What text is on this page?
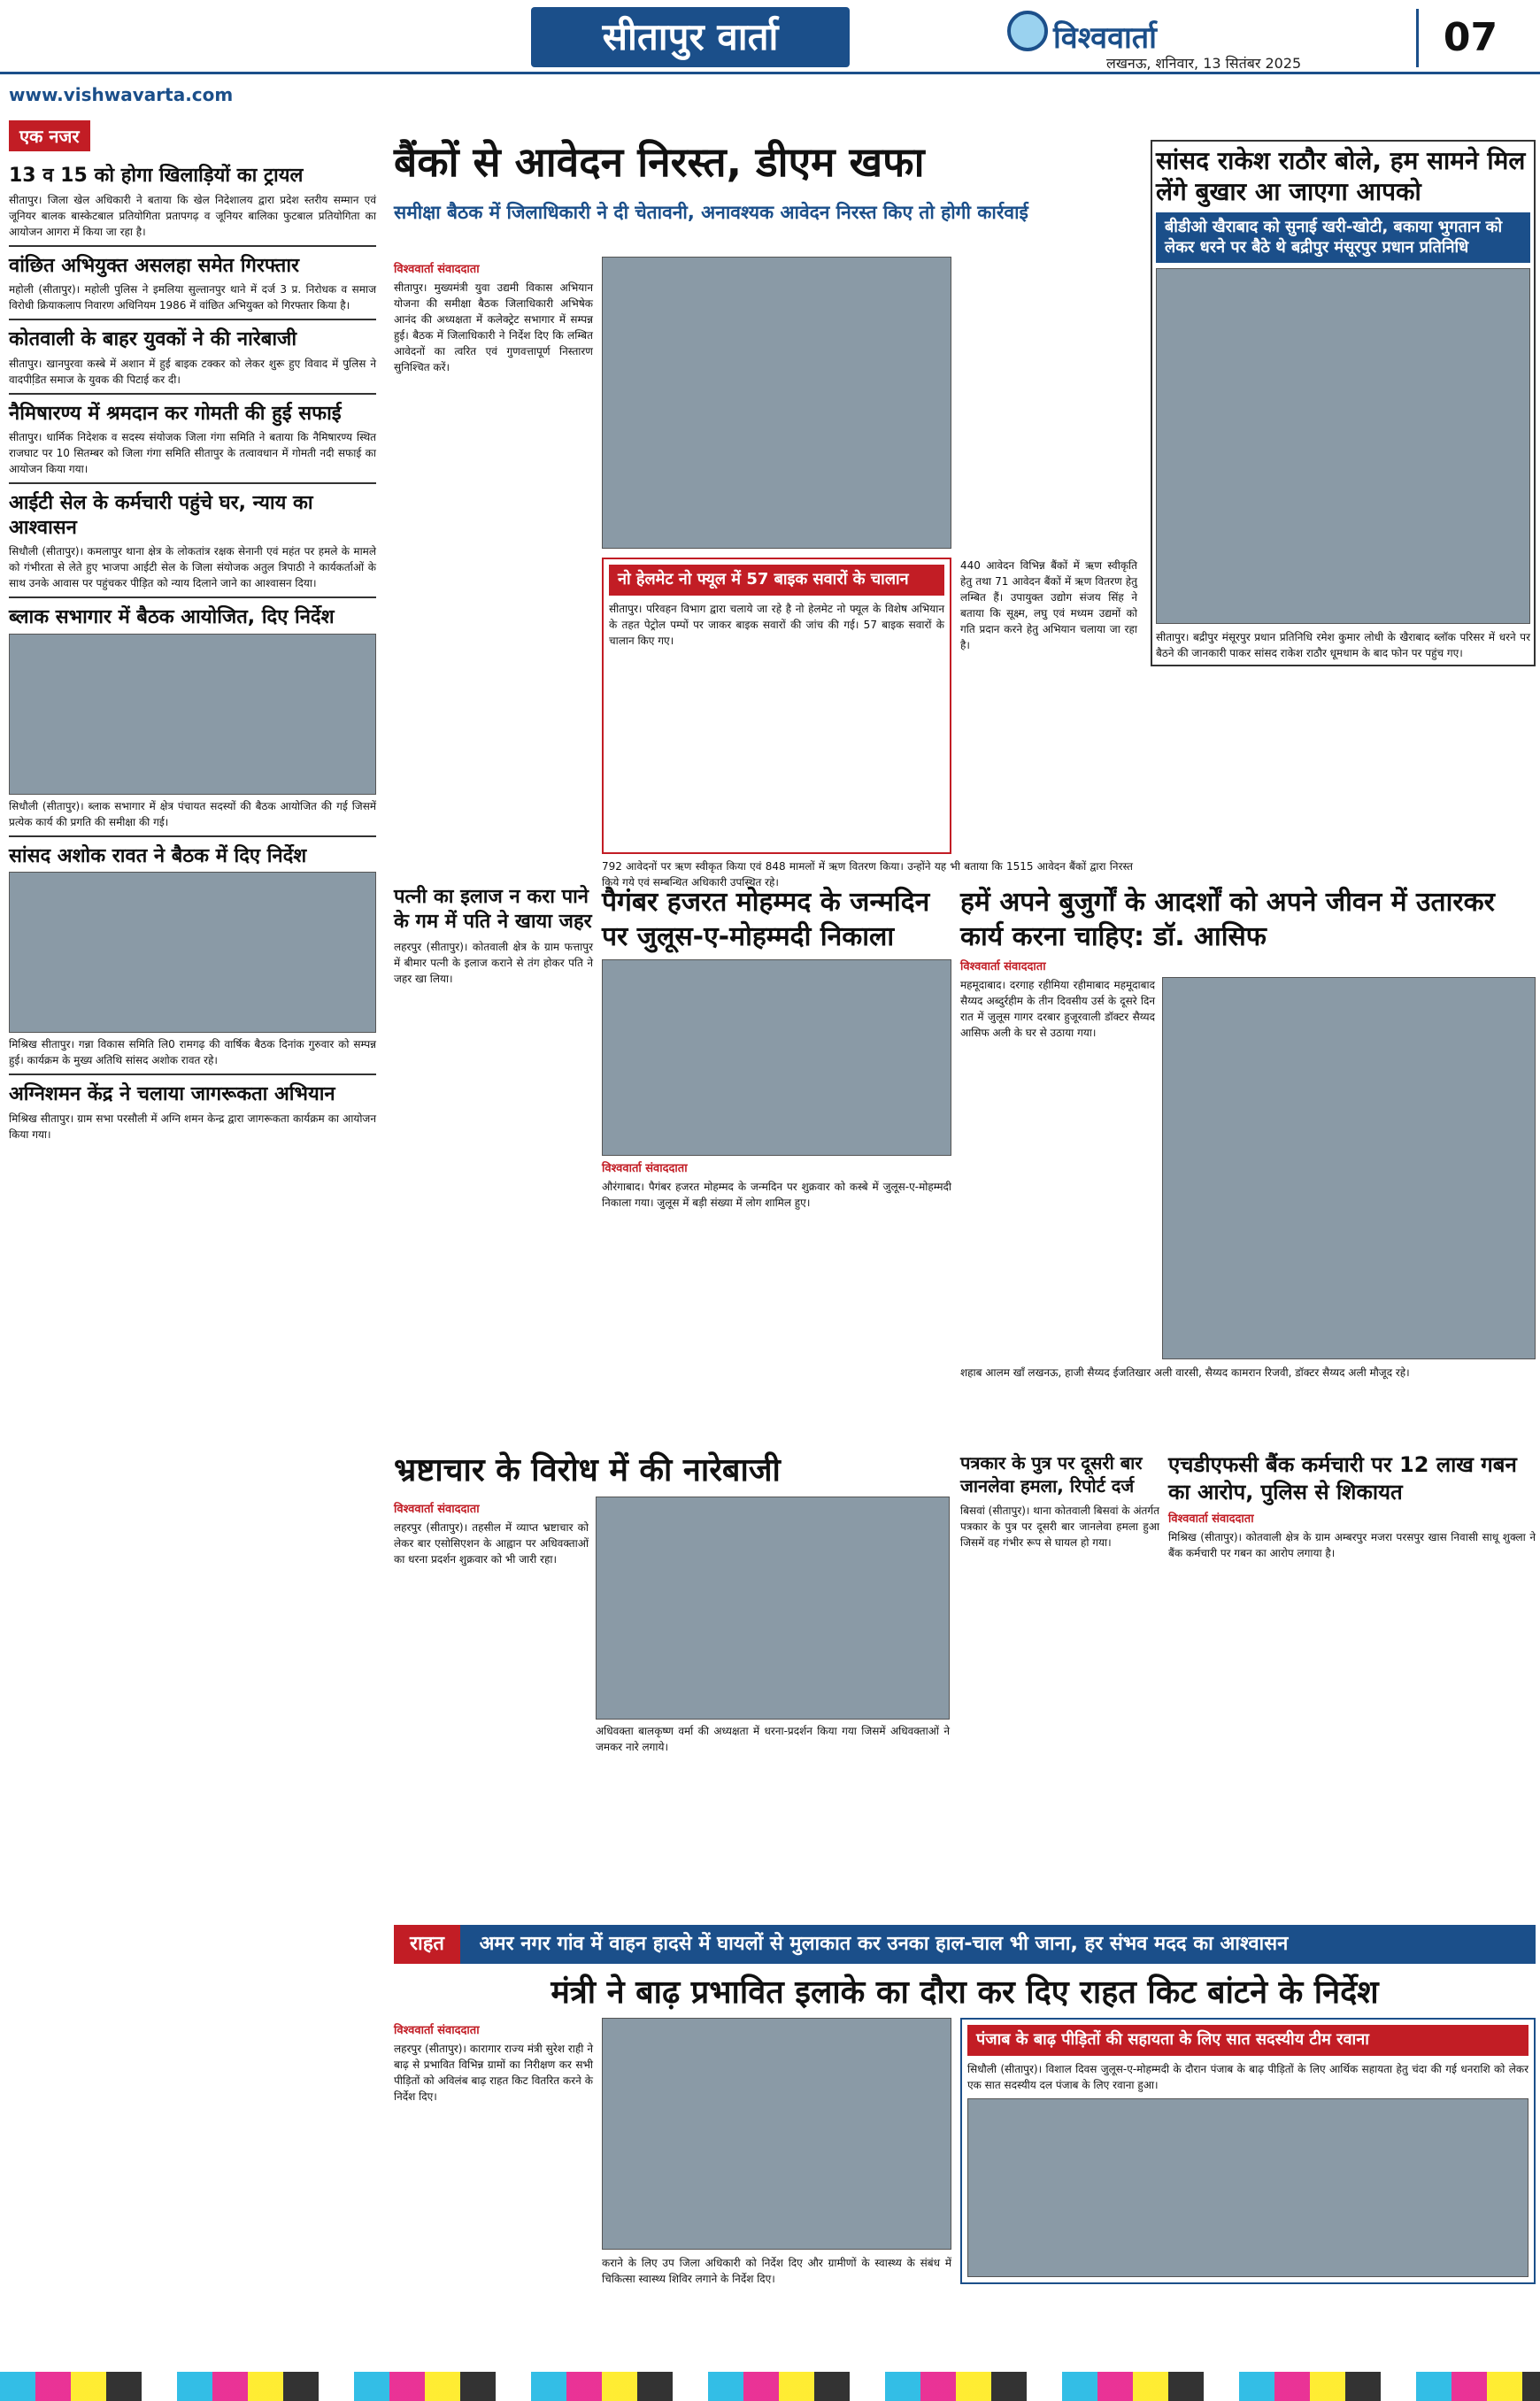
www.vishwavarta.com
सीतापुर वार्ता	विश्ववार्ता
लखनऊ, शनिवार, 13 सितंबर 2025
07
एक नजर
13 व 15 को होगा खिलाड़ियों का ट्रायल

सीतापुर। जिला खेल अधिकारी ने बताया कि खेल निदेशालय द्वारा प्रदेश स्तरीय सम्मान एवं जूनियर बालक बास्केटबाल प्रतियोगिता प्रतापगढ़ व जूनियर बालिका फुटबाल प्रतियोगिता का आयोजन आगरा में किया जा रहा है।

वांछित अभियुक्त असलहा समेत गिरफ्तार

महोली (सीतापुर)। महोली पुलिस ने इमलिया सुल्तानपुर थाने में दर्ज 3 प्र. निरोधक व समाज विरोधी क्रियाकलाप निवारण अधिनियम 1986 में वांछित अभियुक्त को गिरफ्तार किया है।

कोतवाली के बाहर युवकों ने की नारेबाजी

सीतापुर। खानपुरवा कस्बे में अशान में हुई बाइक टक्कर को लेकर शुरू हुए विवाद में पुलिस ने वादपीडि़त समाज के युवक की पिटाई कर दी।

नैमिषारण्य में श्रमदान कर गोमती की हुई सफाई

सीतापुर। धार्मिक निदेशक व सदस्य संयोजक जिला गंगा समिति ने बताया कि नैमिषारण्य स्थित राजघाट पर 10 सितम्बर को जिला गंगा समिति सीतापुर के तत्वावधान में गोमती नदी सफाई का आयोजन किया गया।

आईटी सेल के कर्मचारी पहुंचे घर, न्याय का आश्वासन

सिधौली (सीतापुर)। कमलापुर थाना क्षेत्र के लोकतांत्र रक्षक सेनानी एवं महंत पर हमले के मामले को गंभीरता से लेते हुए भाजपा आईटी सेल के जिला संयोजक अतुल त्रिपाठी ने कार्यकर्ताओं के साथ उनके आवास पर पहुंचकर पीड़ित को न्याय दिलाने जाने का आश्वासन दिया।

ब्लाक सभागार में बैठक आयोजित, दिए निर्देश

सिधौली (सीतापुर)। ब्लाक सभागार में क्षेत्र पंचायत सदस्यों की बैठक आयोजित की गई जिसमें प्रत्येक कार्य की प्रगति की समीक्षा की गई।

सांसद अशोक रावत ने बैठक में दिए निर्देश

मिश्रिख सीतापुर। गन्ना विकास समिति लि0 रामगढ़ की वार्षिक बैठक दिनांक गुरुवार को सम्पन्न हुई। कार्यक्रम के मुख्य अतिथि सांसद अशोक रावत रहे।

अग्निशमन केंद्र ने चलाया जागरूकता अभियान

मिश्रिख सीतापुर। ग्राम सभा परसौली में अग्नि शमन केन्द्र द्वारा जागरूकता कार्यक्रम का आयोजन किया गया।

बैंकों से आवेदन निरस्त, डीएम खफा
समीक्षा बैठक में जिलाधिकारी ने दी चेतावनी, अनावश्यक आवेदन निरस्त किए तो होगी कार्रवाई
विश्ववार्ता संवाददाता
सीतापुर। मुख्यमंत्री युवा उद्यमी विकास अभियान योजना की समीक्षा बैठक जिलाधिकारी अभिषेक आनंद की अध्यक्षता में कलेक्ट्रेट सभागार में सम्पन्न हुई। बैठक में जिलाधिकारी ने निर्देश दिए कि लम्बित आवेदनों का त्वरित एवं गुणवत्तापूर्ण निस्तारण सुनिश्चित करें।
440 आवेदन विभिन्न बैंकों में ऋण स्वीकृति हेतु तथा 71 आवेदन बैंकों में ऋण वितरण हेतु लम्बित हैं। उपायुक्त उद्योग संजय सिंह ने बताया कि सूक्ष्म, लघु एवं मध्यम उद्यमों को गति प्रदान करने हेतु अभियान चलाया जा रहा है।
नो हेलमेट नो फ्यूल में 57 बाइक सवारों के चालान
सीतापुर। परिवहन विभाग द्वारा चलाये जा रहे है नो हेलमेट नो फ्यूल के विशेष अभियान के तहत पेट्रोल पम्पों पर जाकर बाइक सवारों की जांच की गई। 57 बाइक सवारों के चालान किए गए।
792 आवेदनों पर ऋण स्वीकृत किया एवं 848 मामलों में ऋण वितरण किया। उन्होंने यह भी बताया कि 1515 आवेदन बैंकों द्वारा निरस्त किये गये एवं सम्बन्धित अधिकारी उपस्थित रहे।
सांसद राकेश राठौर बोले, हम सामने मिल लेंगे बुखार आ जाएगा आपको
बीडीओ खैराबाद को सुनाई खरी-खोटी, बकाया भुगतान को लेकर धरने पर बैठे थे बद्रीपुर मंसूरपुर प्रधान प्रतिनिधि
सीतापुर। बद्रीपुर मंसूरपुर प्रधान प्रतिनिधि रमेश कुमार लोधी के खैराबाद ब्लॉक परिसर में धरने पर बैठने की जानकारी पाकर सांसद राकेश राठौर धूमधाम के बाद फोन पर पहुंच गए।
पत्नी का इलाज न करा पाने के गम में पति ने खाया जहर
लहरपुर (सीतापुर)। कोतवाली क्षेत्र के ग्राम फत्तापुर में बीमार पत्नी के इलाज कराने से तंग होकर पति ने जहर खा लिया।
पैगंबर हजरत मोहम्मद के जन्मदिन पर जुलूस-ए-मोहम्मदी निकाला
विश्ववार्ता संवाददाता
औरंगाबाद। पैगंबर हजरत मोहम्मद के जन्मदिन पर शुक्रवार को कस्बे में जुलूस-ए-मोहम्मदी निकाला गया। जुलूस में बड़ी संख्या में लोग शामिल हुए।
हमें अपने बुजुर्गों के आदर्शों को अपने जीवन में उतारकर कार्य करना चाहिए: डॉ. आसिफ
विश्ववार्ता संवाददाता
महमूदाबाद। दरगाह रहीमिया रहीमाबाद महमूदाबाद सैय्यद अब्दुर्रहीम के तीन दिवसीय उर्स के दूसरे दिन रात में जुलूस गागर दरबार हुजूरवाली डॉक्टर सैय्यद आसिफ अली के घर से उठाया गया।
शहाब आलम खाँ लखनऊ, हाजी सैय्यद ईजतिखार अली वारसी, सैय्यद कामरान रिजवी, डॉक्टर सैय्यद अली मौजूद रहे।
भ्रष्टाचार के विरोध में की नारेबाजी
विश्ववार्ता संवाददाता
लहरपुर (सीतापुर)। तहसील में व्याप्त भ्रष्टाचार को लेकर बार एसोसिएशन के आह्वान पर अधिवक्ताओं का धरना प्रदर्शन शुक्रवार को भी जारी रहा।
अधिवक्ता बालकृष्ण वर्मा की अध्यक्षता में धरना-प्रदर्शन किया गया जिसमें अधिवक्ताओं ने जमकर नारे लगाये।
पत्रकार के पुत्र पर दूसरी बार जानलेवा हमला, रिपोर्ट दर्ज
बिसवां (सीतापुर)। थाना कोतवाली बिसवां के अंतर्गत पत्रकार के पुत्र पर दूसरी बार जानलेवा हमला हुआ जिसमें वह गंभीर रूप से घायल हो गया।
एचडीएफसी बैंक कर्मचारी पर 12 लाख गबन का आरोप, पुलिस से शिकायत
विश्ववार्ता संवाददाता
मिश्रिख (सीतापुर)। कोतवाली क्षेत्र के ग्राम अम्बरपुर मजरा परसपुर खास निवासी साधू शुक्ला ने बैंक कर्मचारी पर गबन का आरोप लगाया है।
राहत अमर नगर गांव में वाहन हादसे में घायलों से मुलाकात कर उनका हाल-चाल भी जाना, हर संभव मदद का आश्वासन
मंत्री ने बाढ़ प्रभावित इलाके का दौरा कर दिए राहत किट बांटने के निर्देश
विश्ववार्ता संवाददाता
लहरपुर (सीतापुर)। कारागार राज्य मंत्री सुरेश राही ने बाढ़ से प्रभावित विभिन्न ग्रामों का निरीक्षण कर सभी पीड़ितों को अविलंब बाढ़ राहत किट वितरित करने के निर्देश दिए।
कराने के लिए उप जिला अधिकारी को निर्देश दिए और ग्रामीणों के स्वास्थ्य के संबंध में चिकित्सा स्वास्थ्य शिविर लगाने के निर्देश दिए।
पंजाब के बाढ़ पीड़ितों की सहायता के लिए सात सदस्यीय टीम रवाना
सिधौली (सीतापुर)। विशाल दिवस जुलूस-ए-मोहम्मदी के दौरान पंजाब के बाढ़ पीड़ितों के लिए आर्थिक सहायता हेतु चंदा की गई धनराशि को लेकर एक सात सदस्यीय दल पंजाब के लिए रवाना हुआ।
